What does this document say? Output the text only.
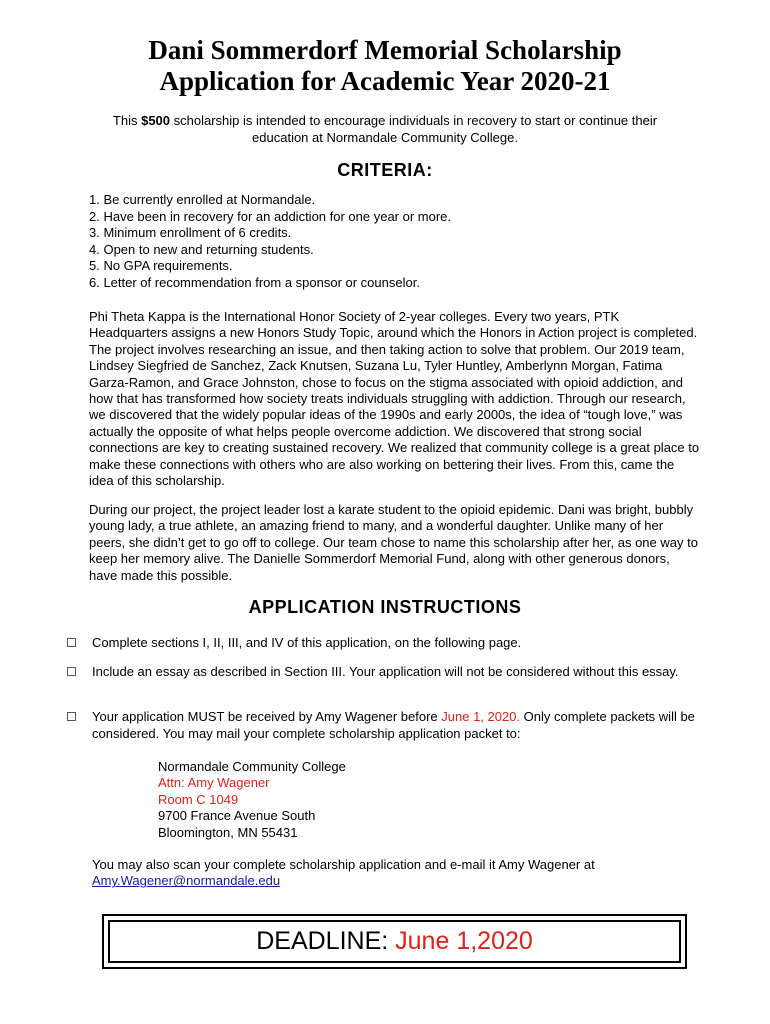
Dani Sommerdorf Memorial Scholarship
Application for Academic Year 2020-21
This $500 scholarship is intended to encourage individuals in recovery to start or continue their education at Normandale Community College.
CRITERIA:
1. Be currently enrolled at Normandale.
2. Have been in recovery for an addiction for one year or more.
3. Minimum enrollment of 6 credits.
4. Open to new and returning students.
5. No GPA requirements.
6. Letter of recommendation from a sponsor or counselor.

Phi Theta Kappa is the International Honor Society of 2-year colleges. Every two years, PTK Headquarters assigns a new Honors Study Topic, around which the Honors in Action project is completed. The project involves researching an issue, and then taking action to solve that problem. Our 2019 team, Lindsey Siegfried de Sanchez, Zack Knutsen, Suzana Lu, Tyler Huntley, Amberlynn Morgan, Fatima Garza-Ramon, and Grace Johnston, chose to focus on the stigma associated with opioid addiction, and how that has transformed how society treats individuals struggling with addiction. Through our research, we discovered that the widely popular ideas of the 1990s and early 2000s, the idea of “tough love,” was actually the opposite of what helps people overcome addiction. We discovered that strong social connections are key to creating sustained recovery. We realized that community college is a great place to make these connections with others who are also working on bettering their lives. From this, came the idea of this scholarship.

During our project, the project leader lost a karate student to the opioid epidemic. Dani was bright, bubbly young lady, a true athlete, an amazing friend to many, and a wonderful daughter. Unlike many of her peers, she didn’t get to go off to college. Our team chose to name this scholarship after her, as one way to keep her memory alive. The Danielle Sommerdorf Memorial Fund, along with other generous donors, have made this possible.

APPLICATION INSTRUCTIONS
Complete sections I, II, III, and IV of this application, on the following page.
Include an essay as described in Section III. Your application will not be considered without this essay.
Your application MUST be received by Amy Wagener before June 1, 2020. Only complete packets will be considered. You may mail your complete scholarship application packet to:
Normandale Community College
Attn: Amy Wagener
Room C 1049
9700 France Avenue South
Bloomington, MN 55431
You may also scan your complete scholarship application and e-mail it Amy Wagener at
Amy.Wagener@normandale.edu
DEADLINE: June 1,2020
